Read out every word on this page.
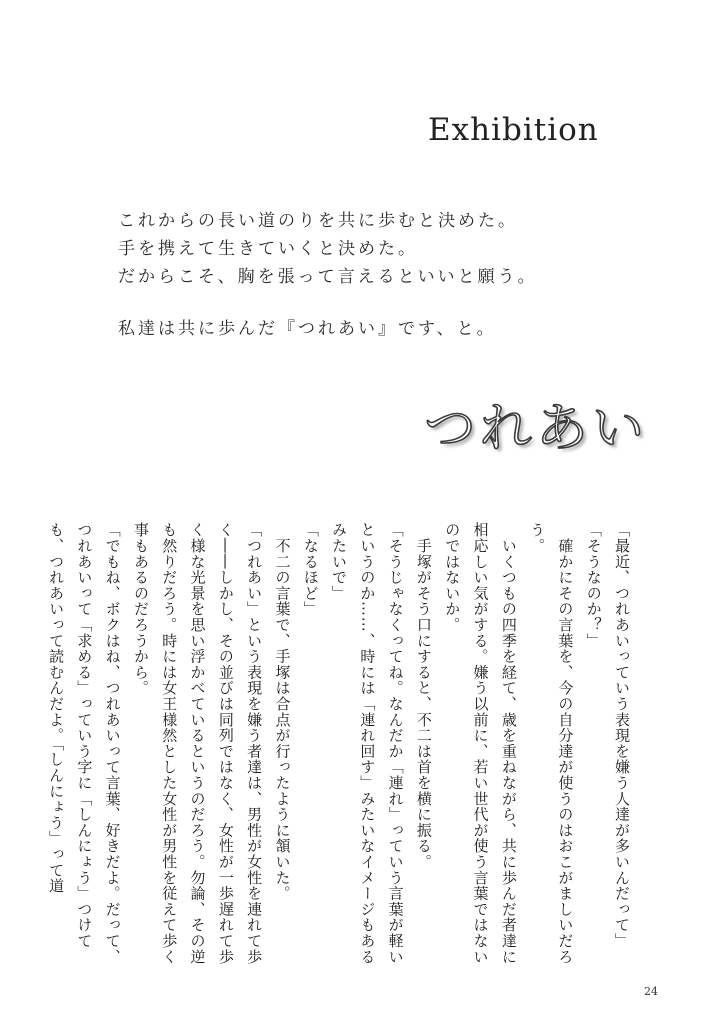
Exhibition
これからの長い道のりを共に歩むと決めた。
手を携えて生きていくと決めた。
だからこそ、胸を張って言えるといいと願う。
私達は共に歩んだ『つれあい』です、と。
つれあい

「最近、つれあいっていう表現を嫌う人達が多いんだって」

「そうなのか？」

　確かにその言葉を、今の自分達が使うのはおこがましいだろう。

　いくつもの四季を経て、歳を重ねながら、共に歩んだ者達に相応しい気がする。嫌う以前に、若い世代が使う言葉ではないのではないか。

　手塚がそう口にすると、不二は首を横に振る。

「そうじゃなくってね。なんだか「連れ」っていう言葉が軽いというのか……、時には「連れ回す」みたいなイメージもあるみたいで」

「なるほど」

　不二の言葉で、手塚は合点が行ったように頷いた。

「つれあい」という表現を嫌う者達は、男性が女性を連れて歩く――しかし、その並びは同列ではなく、女性が一歩遅れて歩く様な光景を思い浮かべているというのだろう。勿論、その逆も然りだろう。時には女王様然とした女性が男性を従えて歩く事もあるのだろうから。

「でもね、ボクはね、つれあいって言葉、好きだよ。だって、つれあいって「求める」っていう字に「しんにょう」つけても、つれあいって読むんだよ。「しんにょう」って道

24
